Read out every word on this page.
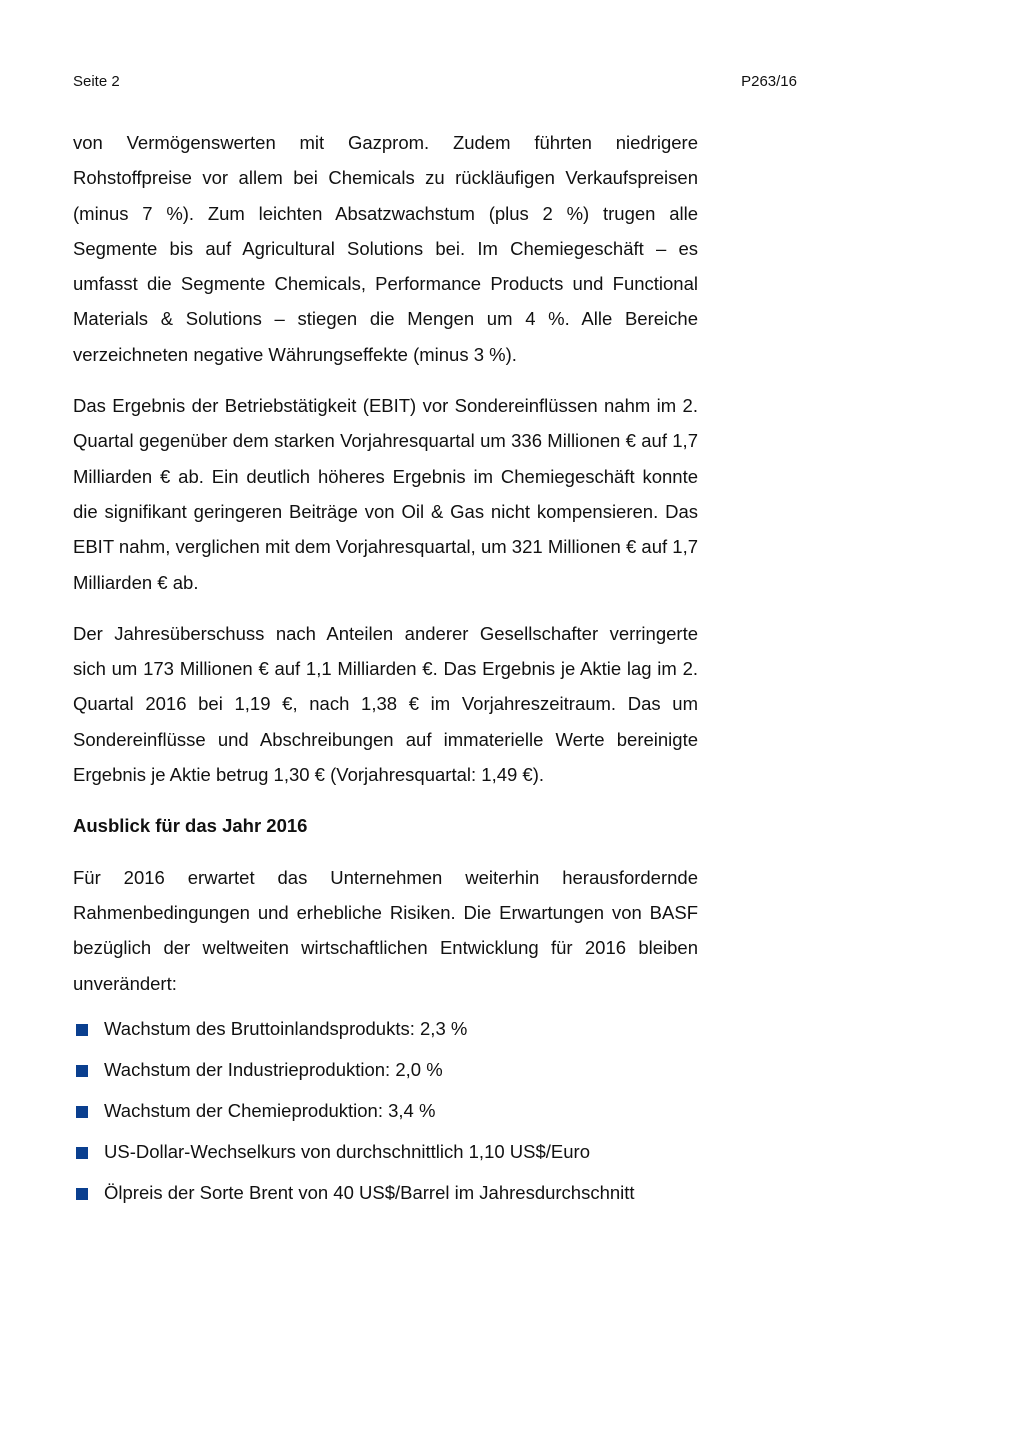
Seite 2	P263/16

von Vermögenswerten mit Gazprom. Zudem führten niedrigere Rohstoffpreise vor allem bei Chemicals zu rückläufigen Verkaufspreisen (minus 7 %). Zum leichten Absatzwachstum (plus 2 %) trugen alle Segmente bis auf Agricultural Solutions bei. Im Chemiegeschäft – es umfasst die Segmente Chemicals, Performance Products und Functional Materials & Solutions – stiegen die Mengen um 4 %. Alle Bereiche verzeichneten negative Währungseffekte (minus 3 %).

Das Ergebnis der Betriebstätigkeit (EBIT) vor Sondereinflüssen nahm im 2. Quartal gegenüber dem starken Vorjahresquartal um 336 Millionen € auf 1,7 Milliarden € ab. Ein deutlich höheres Ergebnis im Chemiegeschäft konnte die signifikant geringeren Beiträge von Oil & Gas nicht kompensieren. Das EBIT nahm, verglichen mit dem Vorjahresquartal, um 321 Millionen € auf 1,7 Milliarden € ab.

Der Jahresüberschuss nach Anteilen anderer Gesellschafter verringerte sich um 173 Millionen € auf 1,1 Milliarden €. Das Ergebnis je Aktie lag im 2. Quartal 2016 bei 1,19 €, nach 1,38 € im Vorjahreszeitraum. Das um Sondereinflüsse und Abschreibungen auf immaterielle Werte bereinigte Ergebnis je Aktie betrug 1,30 € (Vorjahresquartal: 1,49 €).

Ausblick für das Jahr 2016

Für 2016 erwartet das Unternehmen weiterhin herausfordernde Rahmenbedingungen und erhebliche Risiken. Die Erwartungen von BASF bezüglich der weltweiten wirtschaftlichen Entwicklung für 2016 bleiben unverändert:

Wachstum des Bruttoinlandsprodukts: 2,3 %
Wachstum der Industrieproduktion: 2,0 %
Wachstum der Chemieproduktion: 3,4 %
US-Dollar-Wechselkurs von durchschnittlich 1,10 US$/Euro
Ölpreis der Sorte Brent von 40 US$/Barrel im Jahresdurchschnitt
